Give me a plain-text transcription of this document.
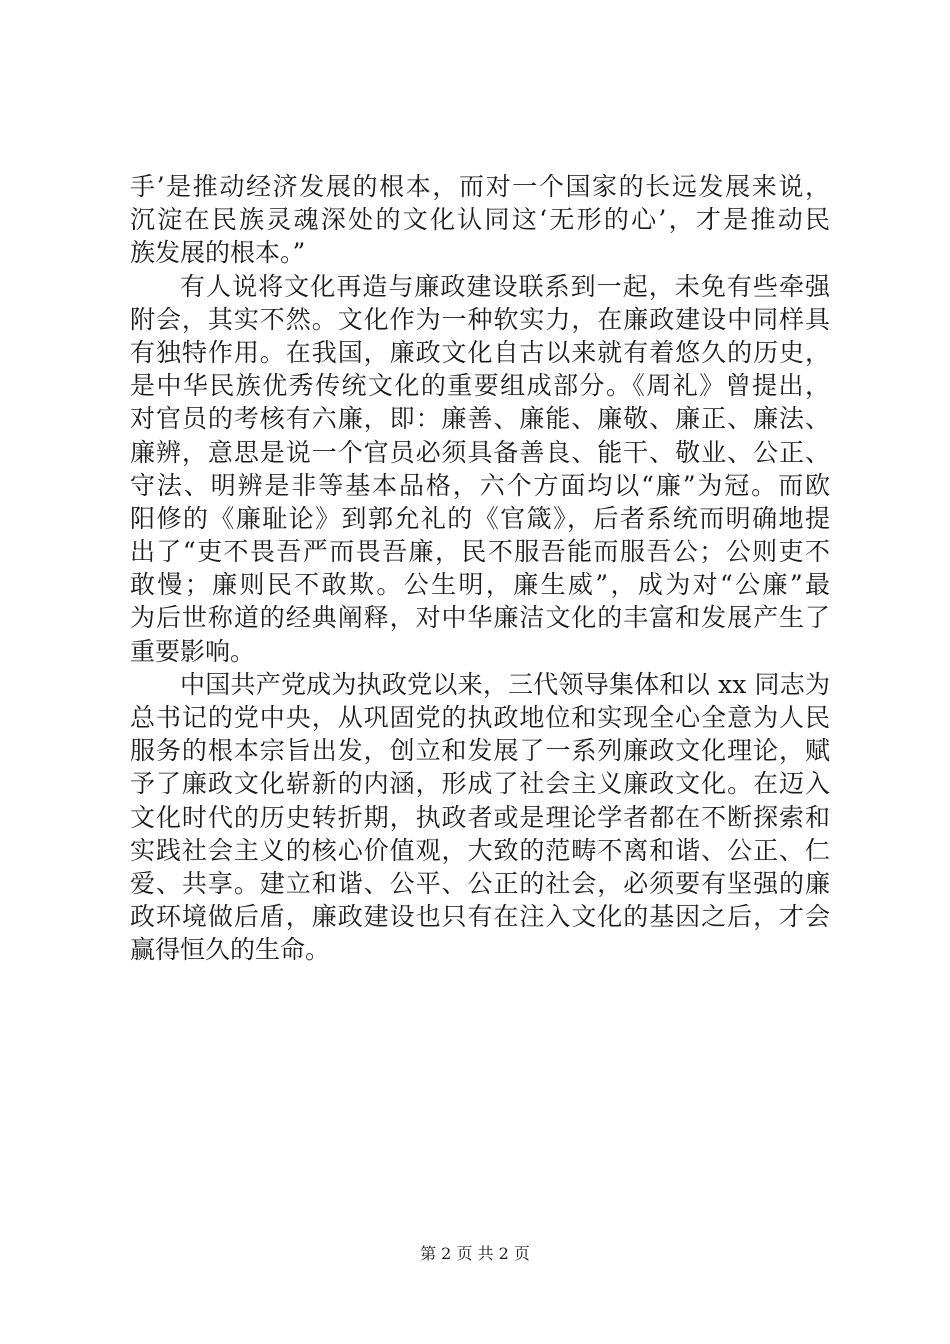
手’是推动经济发展的根本，而对一个国家的长远发展来说，
沉淀在民族灵魂深处的文化认同这‘无形的心’，才是推动民
族发展的根本。”
有人说将文化再造与廉政建设联系到一起，未免有些牵强
附会，其实不然。文化作为一种软实力，在廉政建设中同样具
有独特作用。在我国，廉政文化自古以来就有着悠久的历史，
是中华民族优秀传统文化的重要组成部分。《周礼》曾提出，
对官员的考核有六廉，即：廉善、廉能、廉敬、廉正、廉法、
廉辨，意思是说一个官员必须具备善良、能干、敬业、公正、
守法、明辨是非等基本品格，六个方面均以“廉”为冠。而欧
阳修的《廉耻论》到郭允礼的《官箴》，后者系统而明确地提
出了“吏不畏吾严而畏吾廉，民不服吾能而服吾公；公则吏不
敢慢；廉则民不敢欺。公生明，廉生威”，成为对“公廉”最
为后世称道的经典阐释，对中华廉洁文化的丰富和发展产生了
重要影响。
中国共产党成为执政党以来，三代领导集体和以 xx 同志为
总书记的党中央，从巩固党的执政地位和实现全心全意为人民
服务的根本宗旨出发，创立和发展了一系列廉政文化理论，赋
予了廉政文化崭新的内涵，形成了社会主义廉政文化。在迈入
文化时代的历史转折期，执政者或是理论学者都在不断探索和
实践社会主义的核心价值观，大致的范畴不离和谐、公正、仁
爱、共享。建立和谐、公平、公正的社会，必须要有坚强的廉
政环境做后盾，廉政建设也只有在注入文化的基因之后，才会
赢得恒久的生命。
第 2 页 共 2 页
